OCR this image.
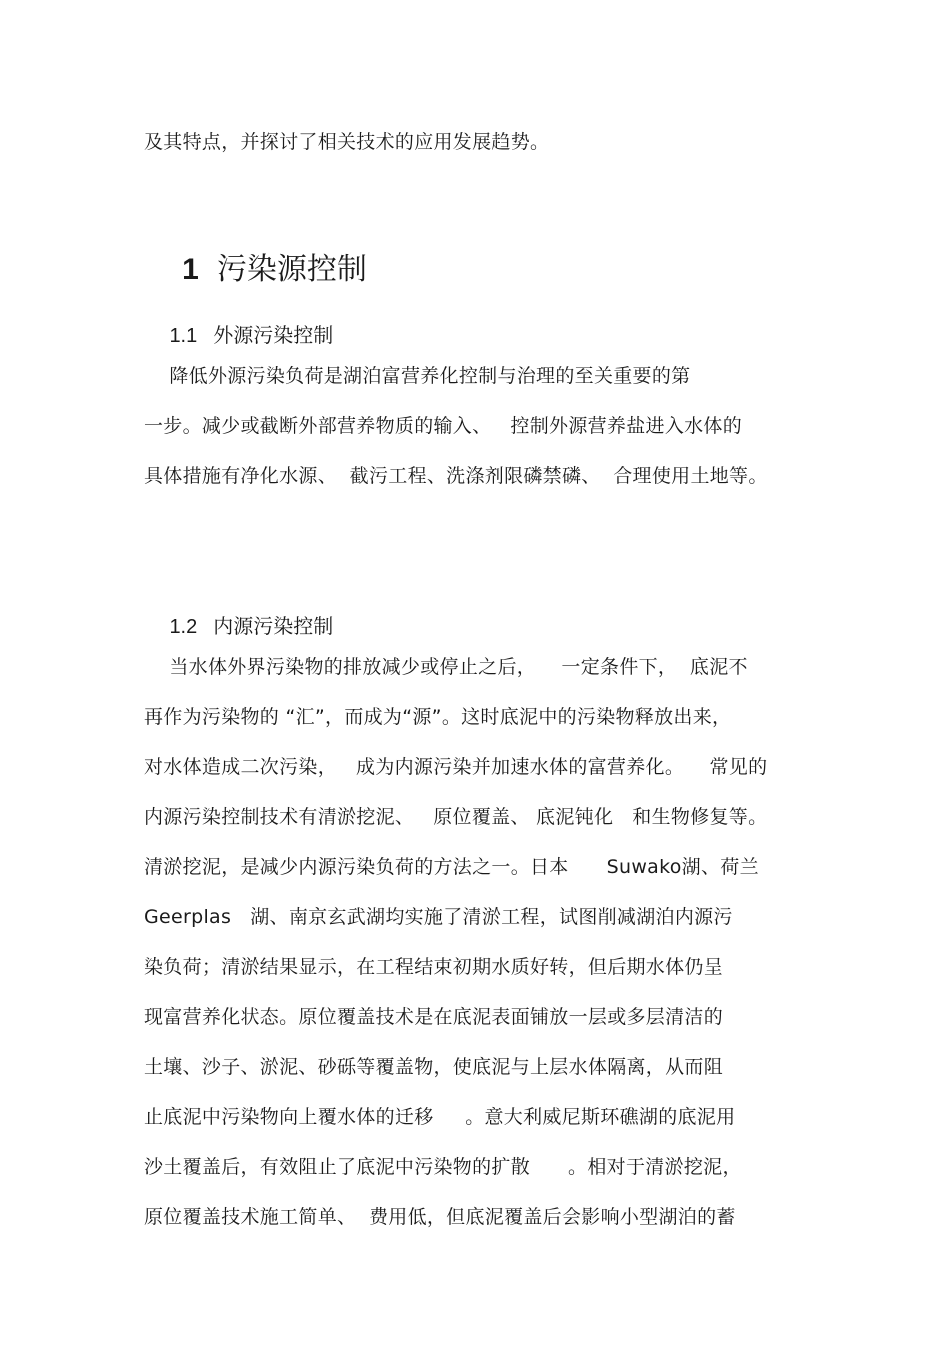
及其特点，并探讨了相关技术的应用发展趋势。

1 污染源控制

1.1 外源污染控制

降低外源污染负荷是湖泊富营养化控制与治理的至关重要的第
一步。减少或截断外部营养物质的输入、   控制外源营养盐进入水体的
具体措施有净化水源、  截污工程、洗涤剂限磷禁磷、  合理使用土地等。

1.2 内源污染控制

当水体外界污染物的排放减少或停止之后，    一定条件下，  底泥不
再作为污染物的 “汇”，而成为“源”。这时底泥中的污染物释放出来，
对水体造成二次污染，   成为内源污染并加速水体的富营养化。    常见的
内源污染控制技术有清淤挖泥、   原位覆盖、 底泥钝化   和生物修复等。
清淤挖泥，是减少内源污染负荷的方法之一。日本      Suwako湖、荷兰
Geerplas   湖、南京玄武湖均实施了清淤工程，试图削减湖泊内源污
染负荷；清淤结果显示，在工程结束初期水质好转，但后期水体仍呈
现富营养化状态。原位覆盖技术是在底泥表面铺放一层或多层清洁的
土壤、沙子、淤泥、砂砾等覆盖物，使底泥与上层水体隔离，从而阻
止底泥中污染物向上覆水体的迁移     。意大利威尼斯环礁湖的底泥用
沙土覆盖后，有效阻止了底泥中污染物的扩散      。相对于清淤挖泥，
原位覆盖技术施工简单、  费用低，但底泥覆盖后会影响小型湖泊的蓄
